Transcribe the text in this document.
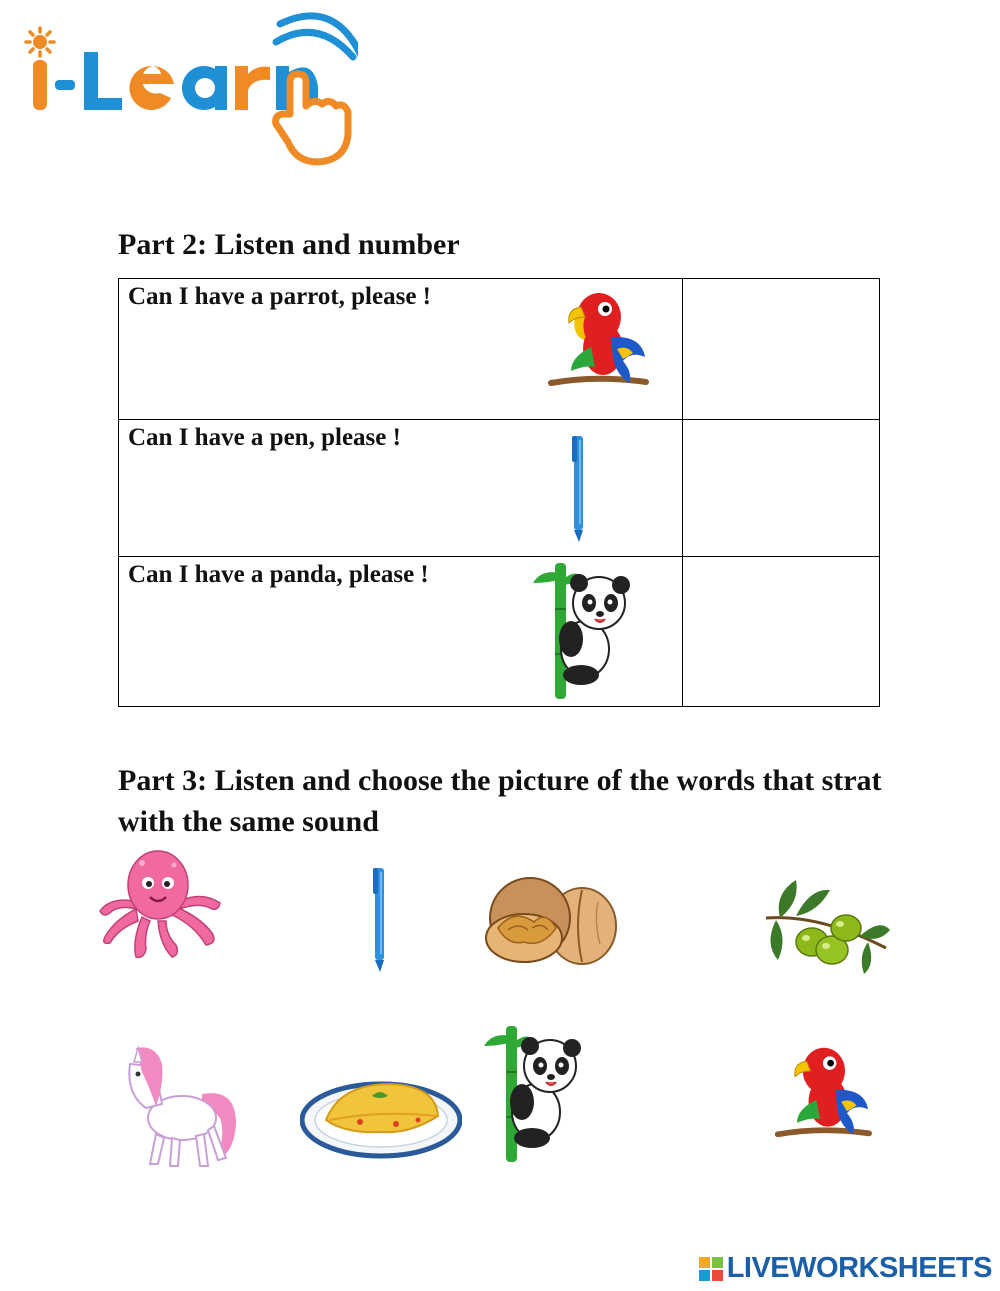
Part 2: Listen and number
Can I have a parrot, please !	

Can I have a pen, please !	

Can I have a panda, please !	

Part 3: Listen and choose the picture of the words that strat with the same sound
LIVEWORKSHEETS
